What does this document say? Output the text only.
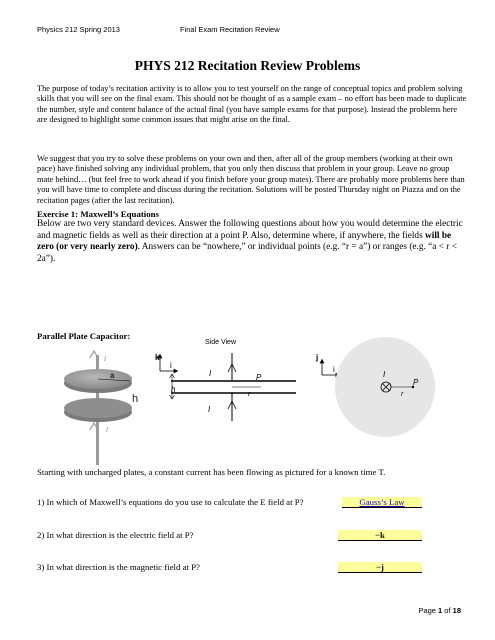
Physics 212 Spring 2013	Final Exam Recitation Review
PHYS 212 Recitation Review Problems

The purpose of today’s recitation activity is to allow you to test yourself on the range of conceptual topics and problem solving skills that you will see on the final exam. This should not be thought of as a sample exam – no effort has been made to duplicate the number, style and content balance of the actual final (you have sample exams for that purpose). Instead the problems here are designed to highlight some common issues that might arise on the final.

We suggest that you try to solve these problems on your own and then, after all of the group members (working at their own pace) have finished solving any individual problem, that you only then discuss that problem in your group. Leave no group mate behind… (but feel free to work ahead if you finish before your group mates). There are probably more problems here than you will have time to complete and discuss during the recitation. Solutions will be posted Thursday night on Piazza and on the recitation pages (after the last recitation).

Exercise 1: Maxwell’s Equations

Below are two very standard devices. Answer the following questions about how you would determine the electric and magnetic fields as well as their direction at a point P. Also, determine where, if anywhere, the fields will be zero (or very nearly zero). Answers can be “nowhere,” or individual points (e.g. “r = a”) or ranges (e.g. “a < r < 2a”).

Parallel Plate Capacitor:
I
a
h
I
k
i
Side View
I
I
h
P
r
j
i
I
P
r
Starting with uncharged plates, a constant current has been flowing as pictured for a known time T.
1) In which of Maxwell’s equations do you use to calculate the E field at P?	Gauss’s Law
2) In what direction is the electric field at P?	−k
3) In what direction is the magnetic field at P?	−j
Page 1 of 18
